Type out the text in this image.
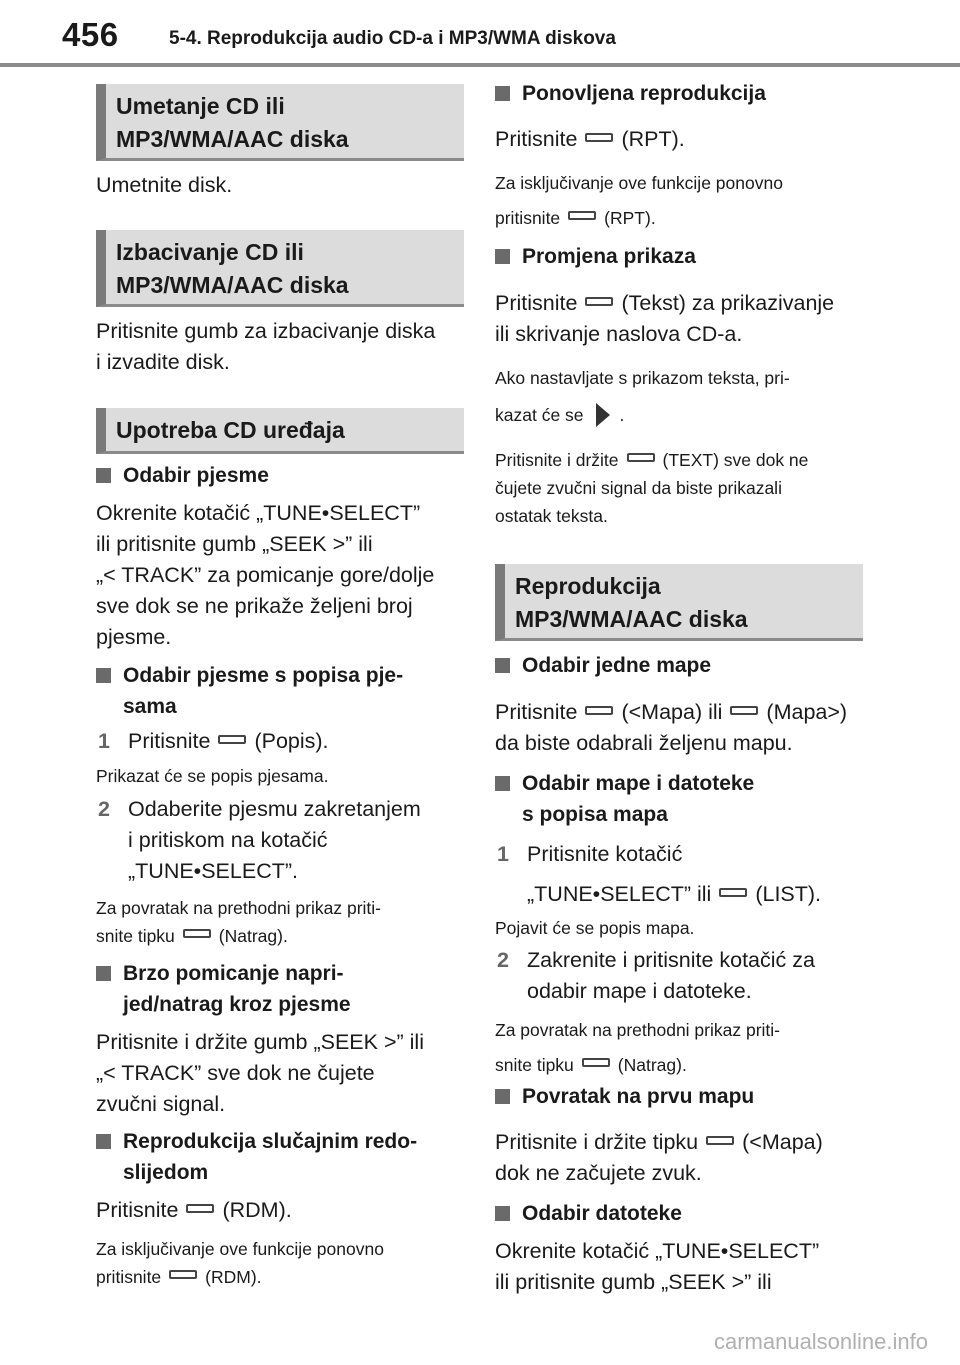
456	5-4. Reprodukcija audio CD-a i MP3/WMA diskova
Umetanje CD ili
MP3/WMA/AAC diska
Umetnite disk.
Izbacivanje CD ili
MP3/WMA/AAC diska
Pritisnite gumb za izbacivanje diska
i izvadite disk.
Upotreba CD uređaja
Odabir pjesme
Okrenite kotačić „TUNE•SELECT”
ili pritisnite gumb „SEEK >” ili
„< TRACK” za pomicanje gore/dolje
sve dok se ne prikaže željeni broj
pjesme.
Odabir pjesme s popisa pje-
sama
1 Pritisnite (Popis).
Prikazat će se popis pjesama.
2 Odaberite pjesmu zakretanjem
i pritiskom na kotačić
„TUNE•SELECT”.
Za povratak na prethodni prikaz priti-
snite tipku	(Natrag).
Brzo pomicanje napri-
jed/natrag kroz pjesme
Pritisnite i držite gumb „SEEK >” ili
„< TRACK” sve dok ne čujete
zvučni signal.
Reprodukcija slučajnim redo-
slijedom
Pritisnite (RDM).
Za isključivanje ove funkcije ponovno
pritisnite	(RDM).
Ponovljena reprodukcija
Pritisnite (RPT).
Za isključivanje ove funkcije ponovno
pritisnite	(RPT).
Promjena prikaza
Pritisnite (Tekst) za prikazivanje
ili skrivanje naslova CD-a.
Ako nastavljate s prikazom teksta, pri-
kazat će se .
Pritisnite i držite	(TEXT) sve dok ne
čujete zvučni signal da biste prikazali
ostatak teksta.
Reprodukcija
MP3/WMA/AAC diska
Odabir jedne mape
Pritisnite (<Mapa) ili (Mapa>)
da biste odabrali željenu mapu.
Odabir mape i datoteke
s popisa mapa
1 Pritisnite kotačić
„TUNE•SELECT” ili (LIST).
Pojavit će se popis mapa.
2 Zakrenite i pritisnite kotačić za
odabir mape i datoteke.
Za povratak na prethodni prikaz priti-
snite tipku	(Natrag).
Povratak na prvu mapu
Pritisnite i držite tipku (<Mapa)
dok ne začujete zvuk.
Odabir datoteke
Okrenite kotačić „TUNE•SELECT”
ili pritisnite gumb „SEEK >” ili
carmanualsonline.info
